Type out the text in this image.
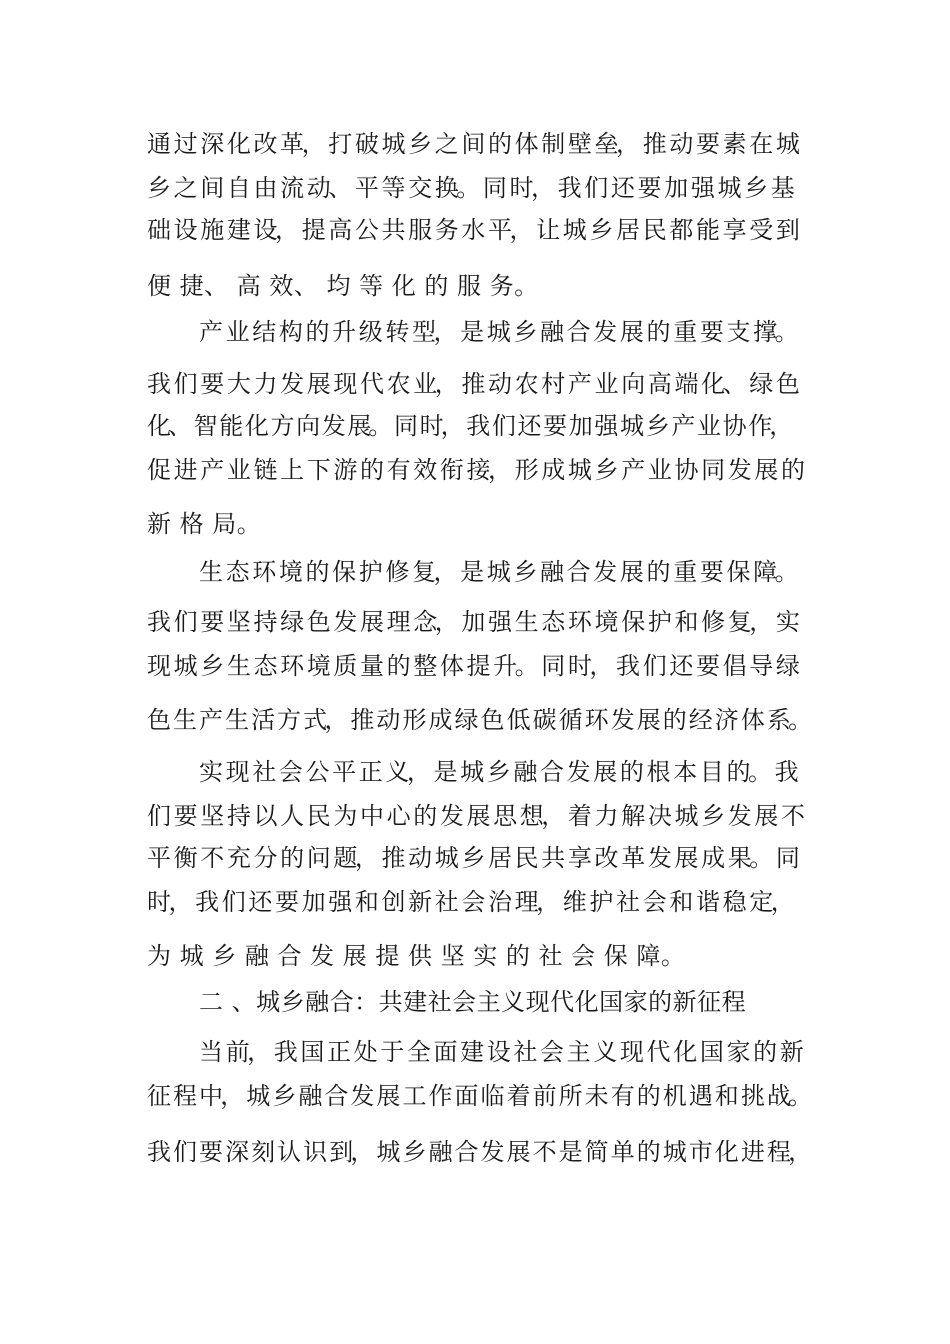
通 过 深 化 改 革， 打 破 城 乡 之 间 的 体 制 壁 垒， 推 动 要 素 在 城
乡 之 间 自 由 流 动、 平 等 交 换。 同 时， 我 们 还 要 加 强 城 乡 基
础 设 施 建 设， 提 高 公 共 服 务 水 平， 让 城 乡 居 民 都 能 享 受 到
便 捷、 高 效、 均 等 化 的 服 务。
产 业 结 构 的 升 级 转 型， 是 城 乡 融 合 发 展 的 重 要 支 撑。
我 们 要 大 力 发 展 现 代 农 业， 推 动 农 村 产 业 向 高 端 化、 绿 色
化、 智 能 化 方 向 发 展。 同 时， 我 们 还 要 加 强 城 乡 产 业 协 作，
促 进 产 业 链 上 下 游 的 有 效 衔 接， 形 成 城 乡 产 业 协 同 发 展 的
新 格 局。
生 态 环 境 的 保 护 修 复， 是 城 乡 融 合 发 展 的 重 要 保 障。
我 们 要 坚 持 绿 色 发 展 理 念， 加 强 生 态 环 境 保 护 和 修 复， 实
现 城 乡 生 态 环 境 质 量 的 整 体 提 升。 同 时， 我 们 还 要 倡 导 绿
色 生 产 生 活 方 式， 推 动 形 成 绿 色 低 碳 循 环 发 展 的 经 济 体 系。
实 现 社 会 公 平 正 义， 是 城 乡 融 合 发 展 的 根 本 目 的。 我
们 要 坚 持 以 人 民 为 中 心 的 发 展 思 想， 着 力 解 决 城 乡 发 展 不
平 衡 不 充 分 的 问 题， 推 动 城 乡 居 民 共 享 改 革 发 展 成 果。 同
时， 我 们 还 要 加 强 和 创 新 社 会 治 理， 维 护 社 会 和 谐 稳 定，
为 城 乡 融 合 发 展 提 供 坚 实 的 社 会 保 障。
二 、城乡融合：共建社会主义现代化国家的新征程
当 前， 我 国 正 处 于 全 面 建 设 社 会 主 义 现 代 化 国 家 的 新
征 程 中， 城 乡 融 合 发 展 工 作 面 临 着 前 所 未 有 的 机 遇 和 挑 战。
我 们 要 深 刻 认 识 到， 城 乡 融 合 发 展 不 是 简 单 的 城 市 化 进 程，
